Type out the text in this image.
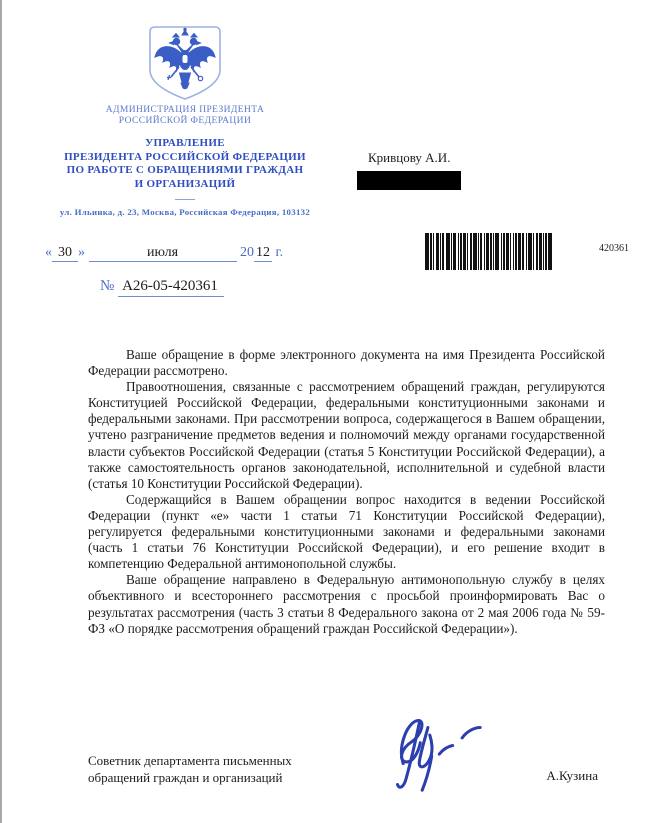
АДМИНИСТРАЦИЯ ПРЕЗИДЕНТА
РОССИЙСКОЙ ФЕДЕРАЦИИ
УПРАВЛЕНИЕ
ПРЕЗИДЕНТА РОССИЙСКОЙ ФЕДЕРАЦИИ
ПО РАБОТЕ С ОБРАЩЕНИЯМИ ГРАЖДАН
И ОРГАНИЗАЦИЙ
ул. Ильинка, д. 23, Москва, Российская Федерация, 103132
Кривцову А.И.
« 30 »	июля	20 12 г.
№ А26-05-420361
420361

Ваше обращение в форме электронного документа на имя Президента Российской Федерации рассмотрено.

Правоотношения, связанные с рассмотрением обращений граждан, регулируются Конституцией Российской Федерации, федеральными конституционными законами и федеральными законами. При рассмотрении вопроса, содержащегося в Вашем обращении, учтено разграничение предметов ведения и полномочий между органами государственной власти субъектов Российской Федерации (статья 5 Конституции Российской Федерации), а также самостоятельность органов законодательной, исполнительной и судебной власти (статья 10 Конституции Российской Федерации).

Содержащийся в Вашем обращении вопрос находится в ведении Российской Федерации (пункт «е» части 1 статьи 71 Конституции Российской Федерации), регулируется федеральными конституционными законами и федеральными законами (часть 1 статьи 76 Конституции Российской Федерации), и его решение входит в компетенцию Федеральной антимонопольной службы.

Ваше обращение направлено в Федеральную антимонопольную службу в целях объективного и всестороннего рассмотрения с просьбой проинформировать Вас о результатах рассмотрения (часть 3 статьи 8 Федерального закона от 2 мая 2006 года № 59-ФЗ «О порядке рассмотрения обращений граждан Российской Федерации»).

Советник департамента письменных
обращений граждан и организаций	А.Кузина
